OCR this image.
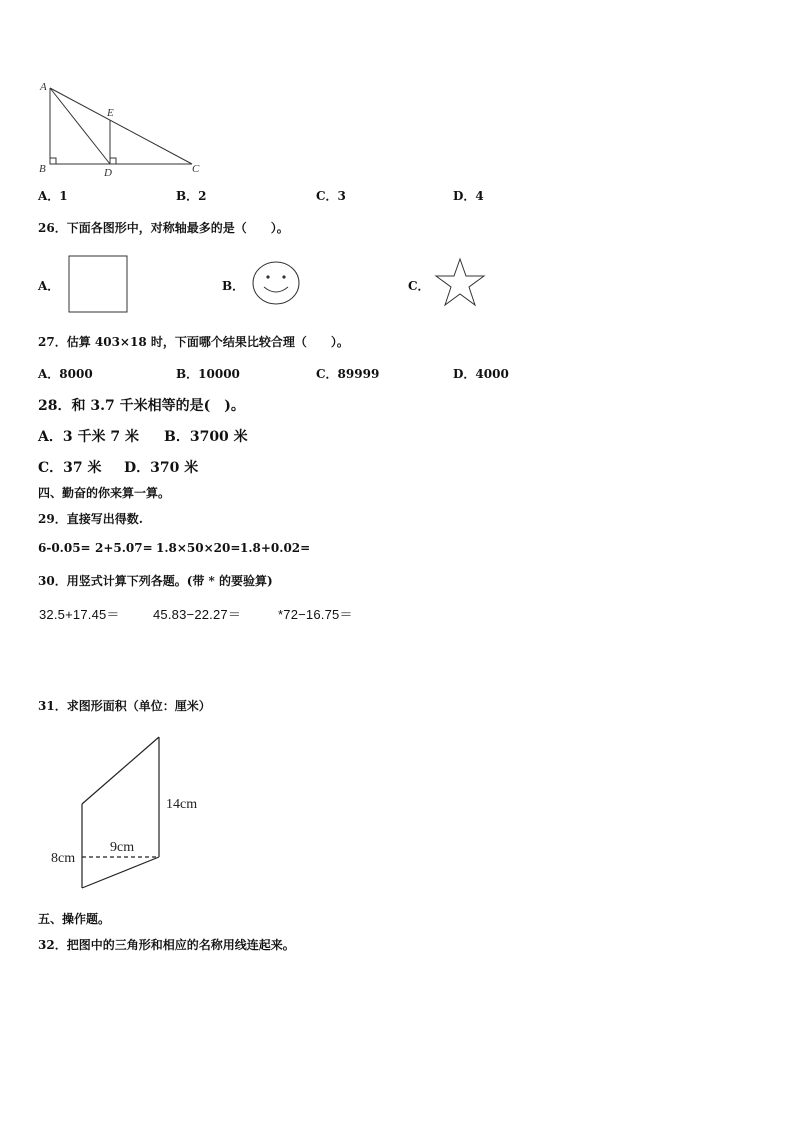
A
E
B	D	C
A．1	B．2	C．3	D．4
26．下面各图形中，对称轴最多的是（　　）。
A．	B．	C．
27．估算 403×18 时，下面哪个结果比较合理（　　）。
A．8000	B．10000	C．89999	D．4000
28．和 3.7 千米相等的是(　)。
A．3 千米 7 米 B．3700 米
C．37 米 D．370 米
四、勤奋的你来算一算。
29．直接写出得数.
6-0.05= 2+5.07= 1.8×50×20= 1.8+0.02=
30．用竖式计算下列各题。(带 * 的要验算)
32.5+17.45＝	45.83−22.27＝	*72−16.75＝
31．求图形面积（单位：厘米）
14cm
9cm
8cm
五、操作题。
32．把图中的三角形和相应的名称用线连起来。
